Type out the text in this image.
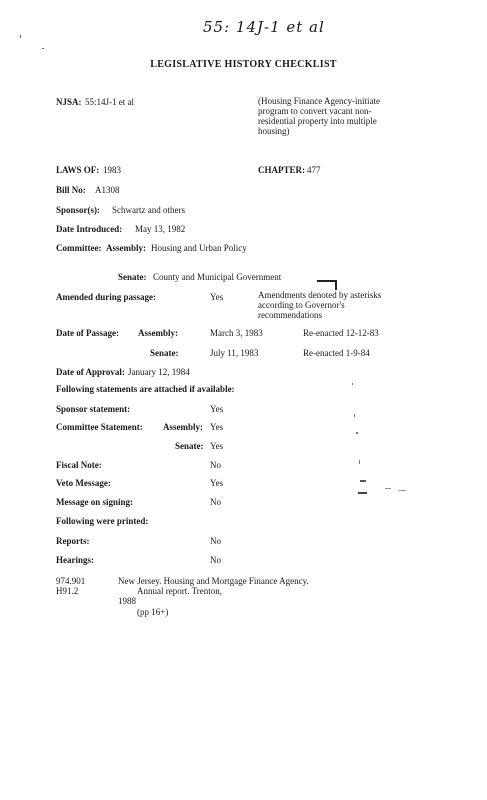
55: 14J-1 et al
LEGISLATIVE HISTORY CHECKLIST
NJSA: 55:14J-1 et al	(Housing Finance Agency-initiate program to convert vacant non-residential property into multiple housing)
LAWS OF: 1983	CHAPTER: 477
Bill No: A1308
Sponsor(s): Schwartz and others
Date Introduced: May 13, 1982
Committee: Assembly: Housing and Urban Policy
Senate: County and Municipal Government
Amended during passage:	Yes	Amendments denoted by asterisks according to Governor's recommendations
Date of Passage: Assembly:	March 3, 1983	Re-enacted 12-12-83
Senate:	July 11, 1983	Re-enacted 1-9-84
Date of Approval: January 12, 1984
Following statements are attached if available:
Sponsor statement:	Yes
Committee Statement: Assembly: Yes
Senate: Yes
Fiscal Note:	No
Veto Message:	Yes
Message on signing:	No
Following were printed:
Reports:	No
Hearings:	No
974.901
H91.2
New Jersey. Housing and Mortgage Finance Agency.
Annual report. Trenton,
1988
(pp 16+)
